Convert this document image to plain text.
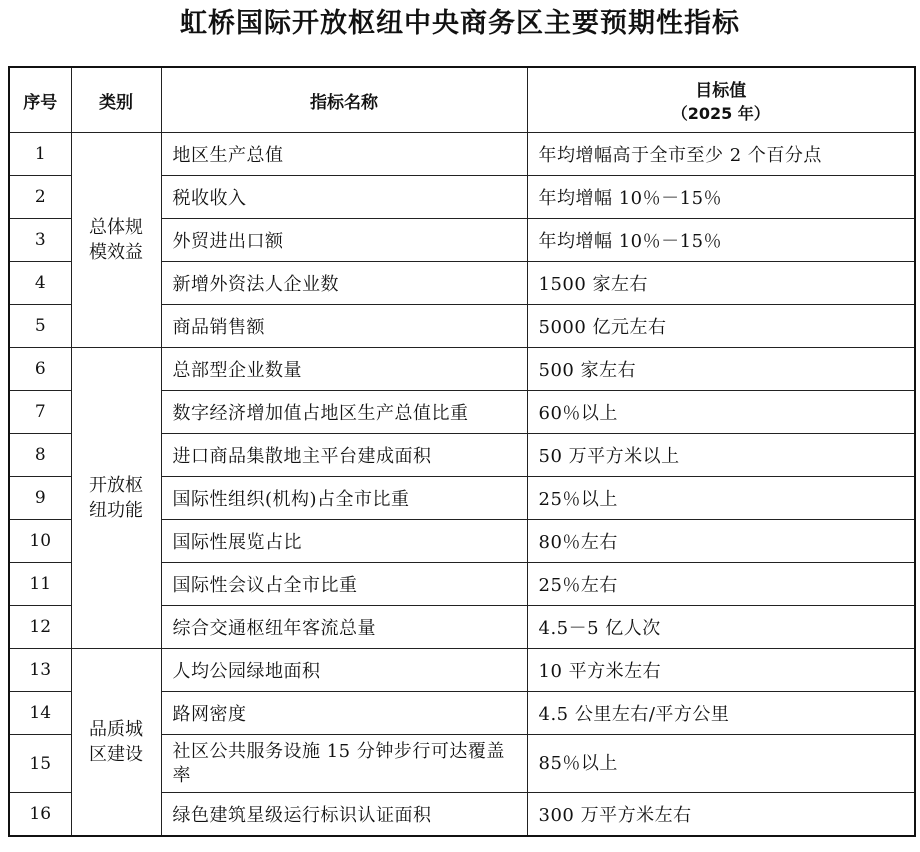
虹桥国际开放枢纽中央商务区主要预期性指标
序号	类别	指标名称	目标值
（2025 年）

1	总体规模效益	地区生产总值	年均增幅高于全市至少 2 个百分点
2		税收收入	年均增幅 10％－15％
3		外贸进出口额	年均增幅 10％－15％
4		新增外资法人企业数	1500 家左右
5		商品销售额	5000 亿元左右
6	开放枢纽功能	总部型企业数量	500 家左右
7		数字经济增加值占地区生产总值比重	60％以上
8		进口商品集散地主平台建成面积	50 万平方米以上
9		国际性组织(机构)占全市比重	25％以上
10		国际性展览占比	80％左右
11		国际性会议占全市比重	25％左右
12		综合交通枢纽年客流总量	4.5－5 亿人次
13	品质城区建设	人均公园绿地面积	10 平方米左右
14		路网密度	4.5 公里左右/平方公里
15		社区公共服务设施 15 分钟步行可达覆盖率	85％以上
16		绿色建筑星级运行标识认证面积	300 万平方米左右
